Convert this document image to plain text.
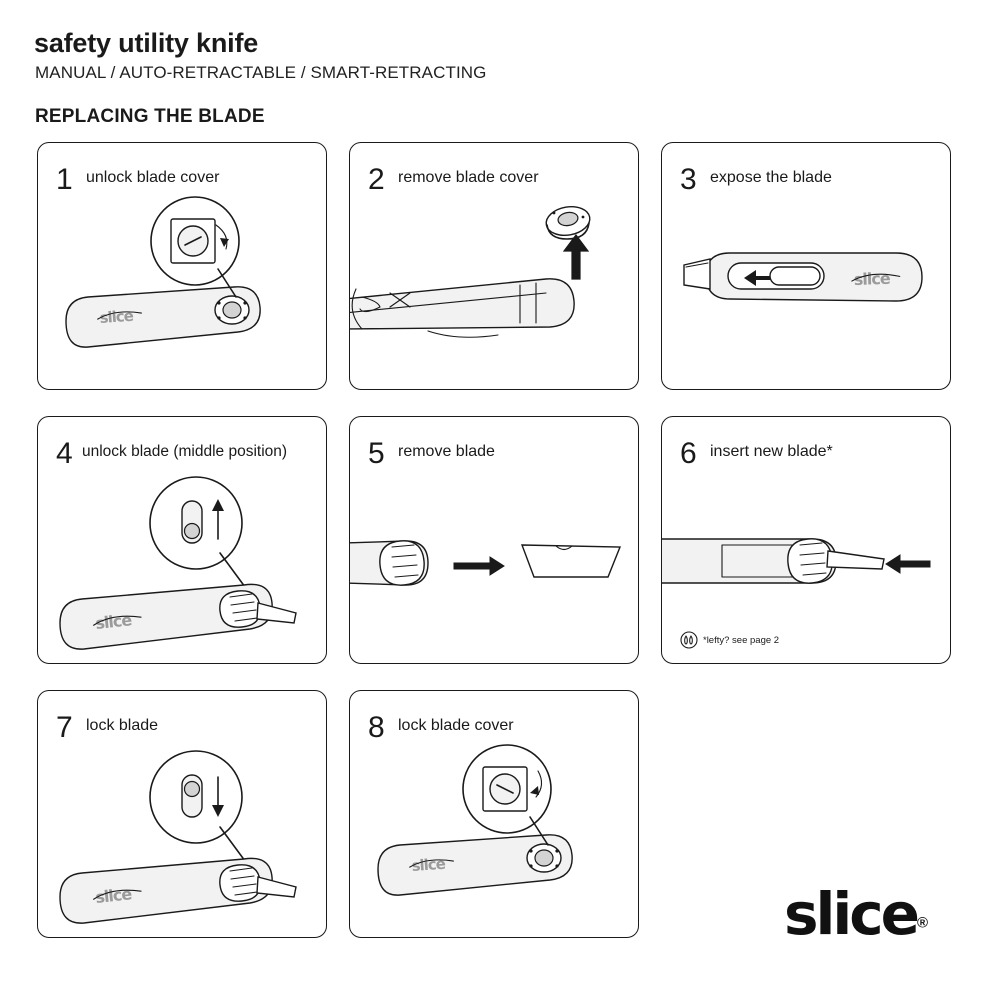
safety utility knife
MANUAL / AUTO-RETRACTABLE / SMART-RETRACTING
REPLACING THE BLADE
1 unlock blade cover
slice
2 remove blade cover	3 expose the blade
slice
4 unlock blade (middle position)
slice
5 remove blade	6 insert new blade*
*lefty? see page 2
7 lock blade
slice
8 lock blade cover
slice
slice®
